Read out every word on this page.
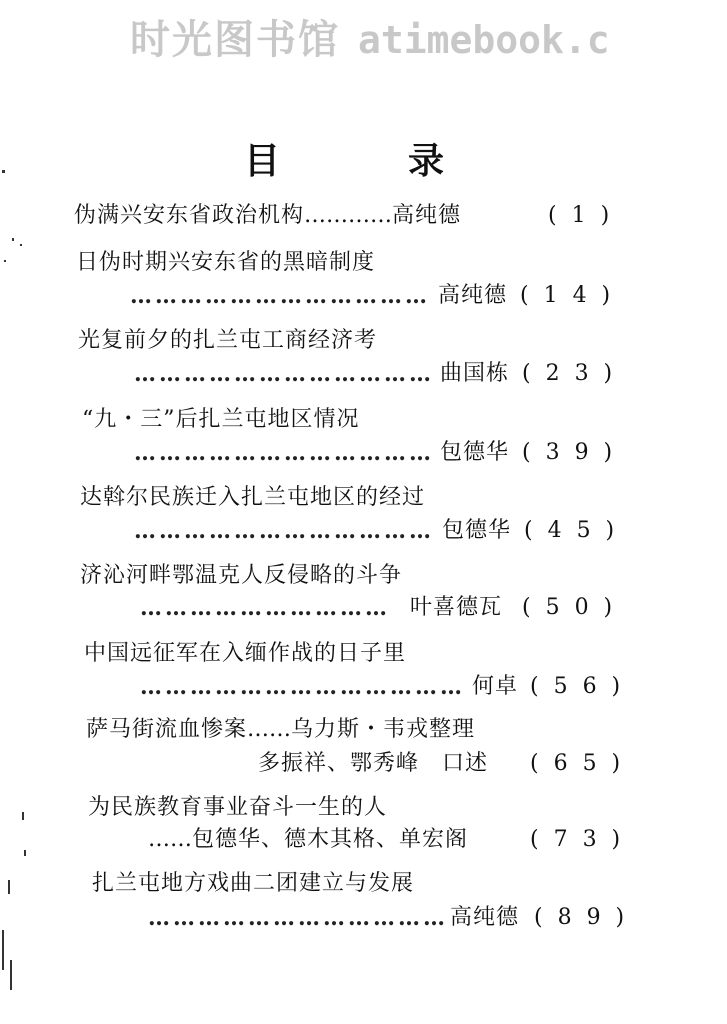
时光图书馆 atimebook.c
目	录
伪满兴安东省政治机构…………高纯德	( 1 )
日伪时期兴安东省的黑暗制度
……………………………… 高纯德 ( 1 4 )
光复前夕的扎兰屯工商经济考
……………………………… 曲国栋 ( 2 3 )
“九・三”后扎兰屯地区情况
……………………………… 包德华 ( 3 9 )
达斡尔民族迁入扎兰屯地区的经过
……………………………… 包德华 ( 4 5 )
济沁河畔鄂温克人反侵略的斗争
………………………… 叶喜德瓦 ( 5 0 )
中国远征军在入缅作战的日子里
………………………………… 何卓 ( 5 6 )
萨马街流血惨案……乌力斯・韦戎整理
多振祥、鄂秀峰　口述 ( 6 5 )
为民族教育事业奋斗一生的人
……包德华、德木其格、单宏阁	( 7 3 )
扎兰屯地方戏曲二团建立与发展
……………………………… 高纯德 ( 8 9 )
